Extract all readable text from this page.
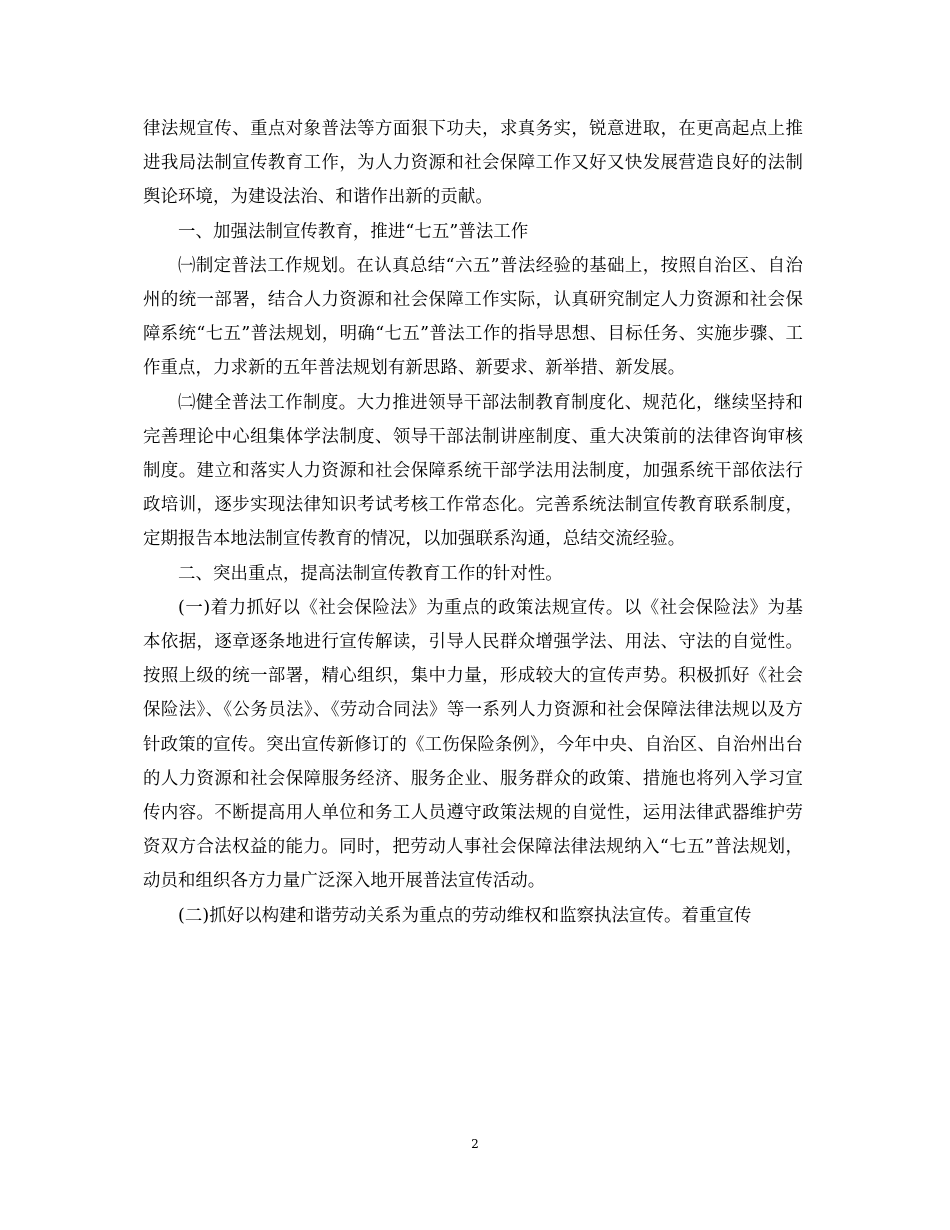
律法规宣传、重点对象普法等方面狠下功夫，求真务实，锐意进取，在更高起点上推进我局法制宣传教育工作，为人力资源和社会保障工作又好又快发展营造良好的法制舆论环境，为建设法治、和谐作出新的贡献。

一、加强法制宣传教育，推进“七五”普法工作

㈠制定普法工作规划。在认真总结“六五”普法经验的基础上，按照自治区、自治州的统一部署，结合人力资源和社会保障工作实际，认真研究制定人力资源和社会保障系统“七五”普法规划，明确“七五”普法工作的指导思想、目标任务、实施步骤、工作重点，力求新的五年普法规划有新思路、新要求、新举措、新发展。

㈡健全普法工作制度。大力推进领导干部法制教育制度化、规范化，继续坚持和完善理论中心组集体学法制度、领导干部法制讲座制度、重大决策前的法律咨询审核制度。建立和落实人力资源和社会保障系统干部学法用法制度，加强系统干部依法行政培训，逐步实现法律知识考试考核工作常态化。完善系统法制宣传教育联系制度，定期报告本地法制宣传教育的情况，以加强联系沟通，总结交流经验。

二、突出重点，提高法制宣传教育工作的针对性。

(一)着力抓好以《社会保险法》为重点的政策法规宣传。以《社会保险法》为基本依据，逐章逐条地进行宣传解读，引导人民群众增强学法、用法、守法的自觉性。按照上级的统一部署，精心组织，集中力量，形成较大的宣传声势。积极抓好《社会保险法》、《公务员法》、《劳动合同法》等一系列人力资源和社会保障法律法规以及方针政策的宣传。突出宣传新修订的《工伤保险条例》，今年中央、自治区、自治州出台的人力资源和社会保障服务经济、服务企业、服务群众的政策、措施也将列入学习宣传内容。不断提高用人单位和务工人员遵守政策法规的自觉性，运用法律武器维护劳资双方合法权益的能力。同时，把劳动人事社会保障法律法规纳入“七五”普法规划，动员和组织各方力量广泛深入地开展普法宣传活动。

(二)抓好以构建和谐劳动关系为重点的劳动维权和监察执法宣传。着重宣传

2
